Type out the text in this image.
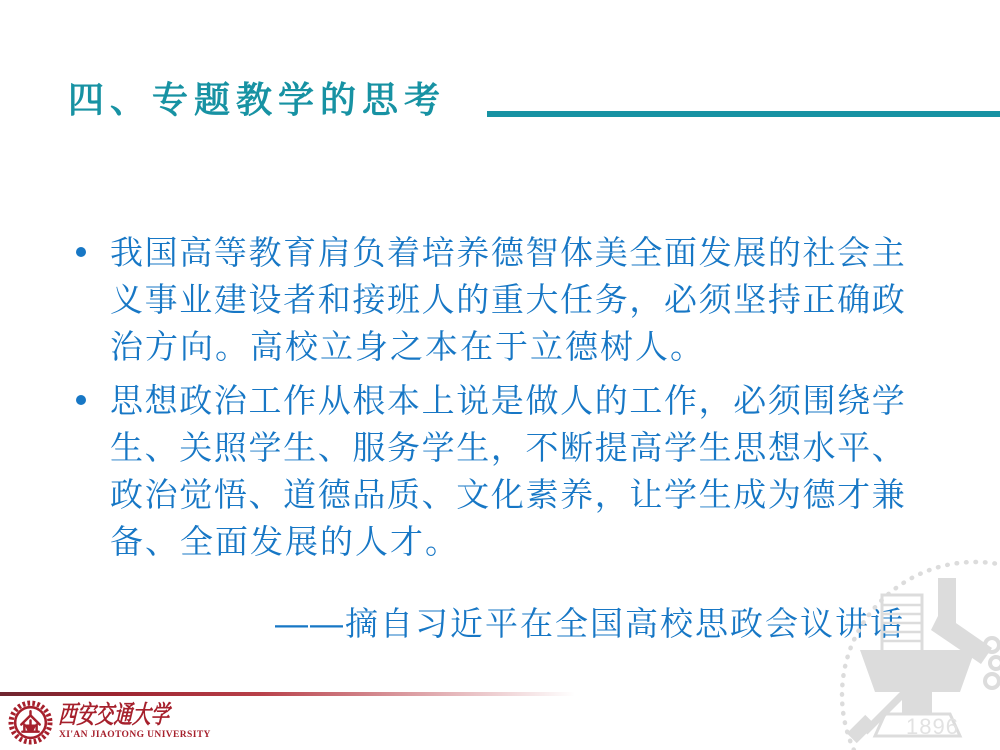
四、专题教学的思考
我 国 高 等 教 育 肩 负 着 培 养 德 智 体 美 全 面 发 展 的 社 会 主
义 事 业 建 设 者 和 接 班 人 的 重 大 任 务 ， 必 须 坚 持 正 确 政
治方向。高校立身之本在于立德树人。
思 想 政 治 工 作 从 根 本 上 说 是 做 人 的 工 作 ， 必 须 围 绕 学
生 、 关 照 学 生 、 服 务 学 生 ， 不 断 提 高 学 生 思 想 水 平 、
政 治 觉 悟 、 道 德 品 质 、 文 化 素 养 ， 让 学 生 成 为 德 才 兼
备、全面发展的人才。
——摘自习近平在全国高校思政会议讲话
西安交通大学
XI'AN JIAOTONG UNIVERSITY	1896
